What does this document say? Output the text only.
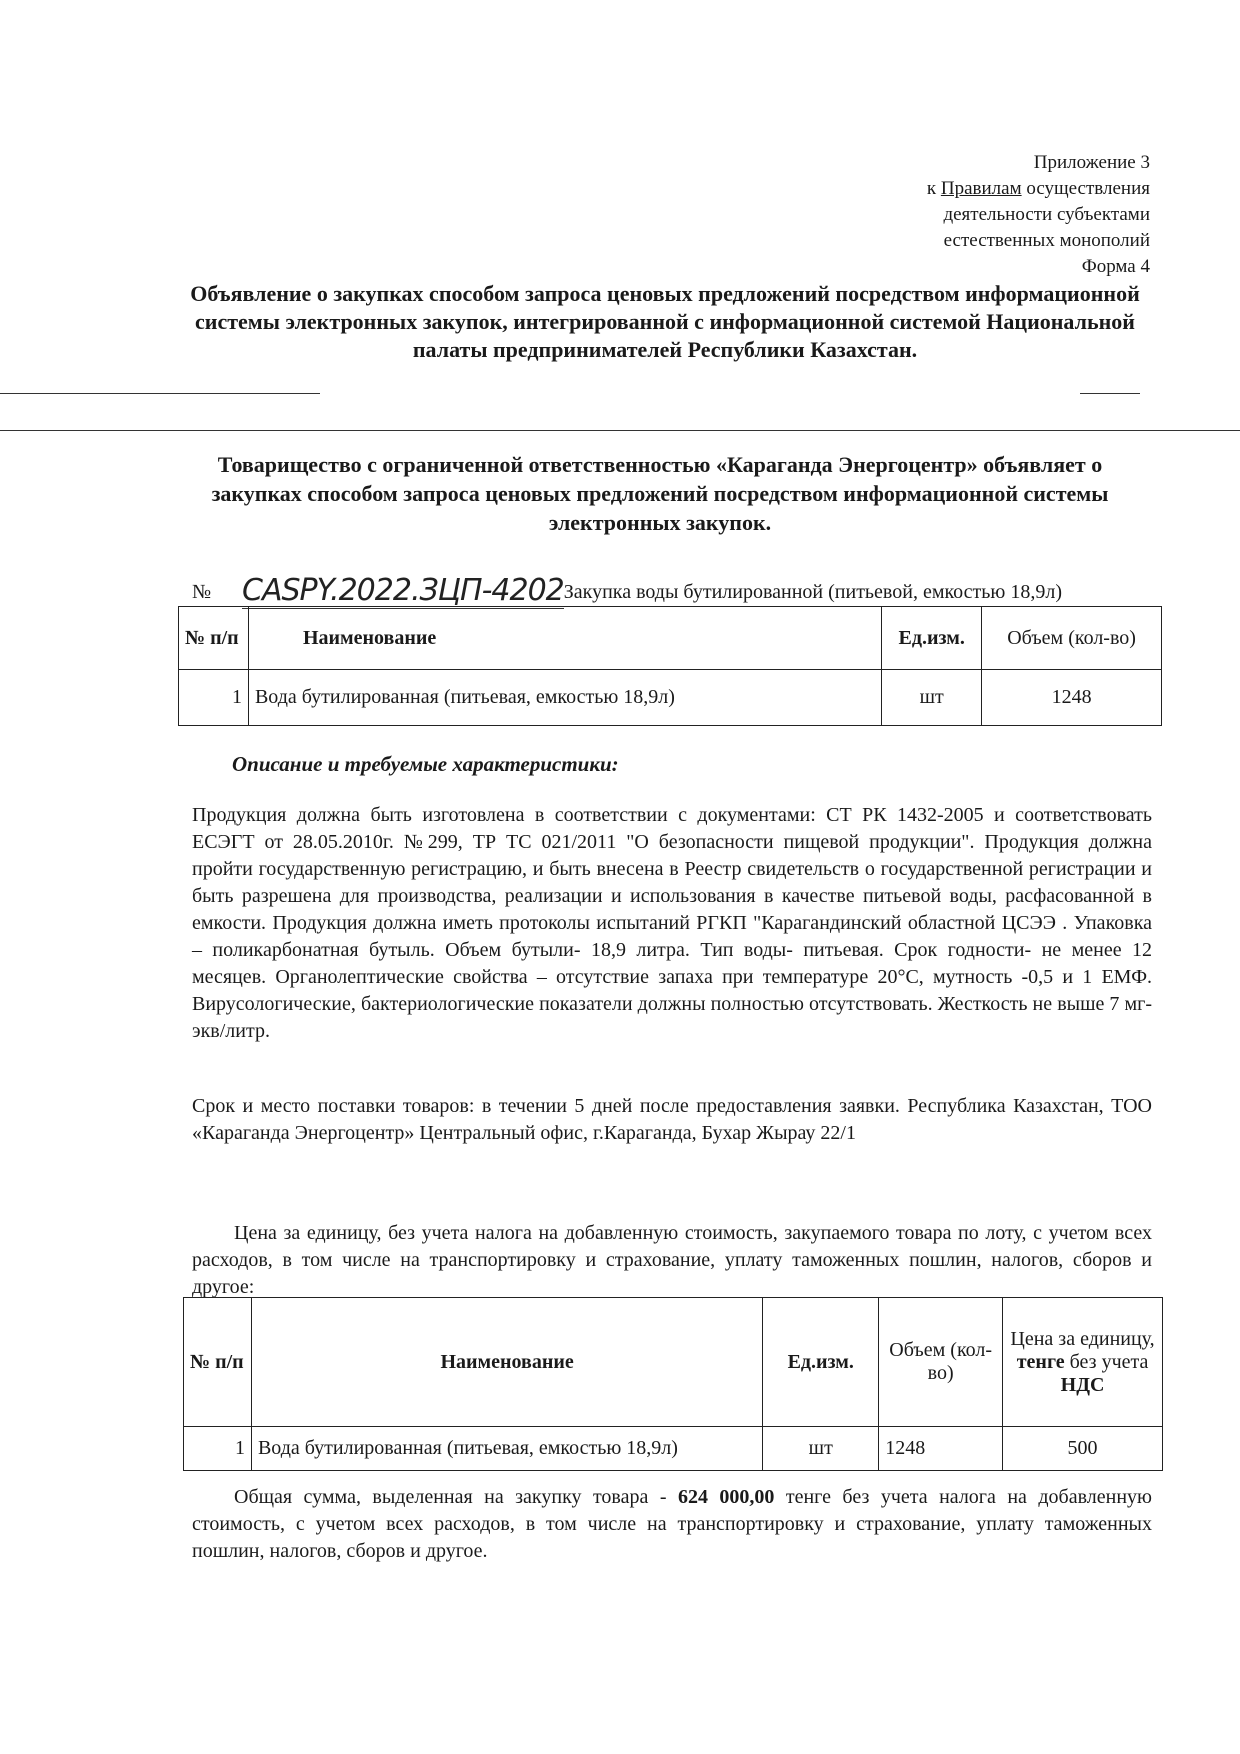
Приложение 3
к Правилам осуществления
деятельности субъектами
естественных монополий
Форма 4
Объявление о закупках способом запроса ценовых предложений посредством информационной системы электронных закупок, интегрированной с информационной системой Национальной палаты предпринимателей Республики Казахстан.
Товарищество с ограниченной ответственностью «Караганда Энергоцентр» объявляет о закупках способом запроса ценовых предложений посредством информационной системы электронных закупок.
№ CASPY.2022.ЗЦП-4202Закупка воды бутилированной (питьевой, емкостью 18,9л)
№ п/п	Наименование	Ед.изм.	Объем (кол-во)
1	Вода бутилированная (питьевая, емкостью 18,9л)	шт	1248
Описание и требуемые характеристики:
Продукция должна быть изготовлена в соответствии с документами: СТ РК 1432-2005 и соответствовать ЕСЭГТ от 28.05.2010г. №299, ТР ТС 021/2011 "О безопасности пищевой продукции". Продукция должна пройти государственную регистрацию, и быть внесена в Реестр свидетельств о государственной регистрации и быть разрешена для производства, реализации и использования в качестве питьевой воды, расфасованной в емкости. Продукция должна иметь протоколы испытаний РГКП "Карагандинский областной ЦСЭЭ . Упаковка – поликарбонатная бутыль. Объем бутыли- 18,9 литра. Тип воды- питьевая. Срок годности- не менее 12 месяцев. Органолептические свойства – отсутствие запаха при температуре 20°С, мутность -0,5 и 1 ЕМФ. Вирусологические, бактериологические показатели должны полностью отсутствовать. Жесткость не выше 7 мг-экв/литр.
Срок и место поставки товаров: в течении 5 дней после предоставления заявки. Республика Казахстан, ТОО «Караганда Энергоцентр» Центральный офис, г.Караганда, Бухар Жырау 22/1
Цена за единицу, без учета налога на добавленную стоимость, закупаемого товара по лоту, с учетом всех расходов, в том числе на транспортировку и страхование, уплату таможенных пошлин, налогов, сборов и другое:
№ п/п	Наименование	Ед.изм.	Объем (кол-во)	Цена за единицу, тенге без учета НДС
1	Вода бутилированная (питьевая, емкостью 18,9л)	шт	1248	500
Общая сумма, выделенная на закупку товара - 624 000,00 тенге без учета налога на добавленную стоимость, с учетом всех расходов, в том числе на транспортировку и страхование, уплату таможенных пошлин, налогов, сборов и другое.
